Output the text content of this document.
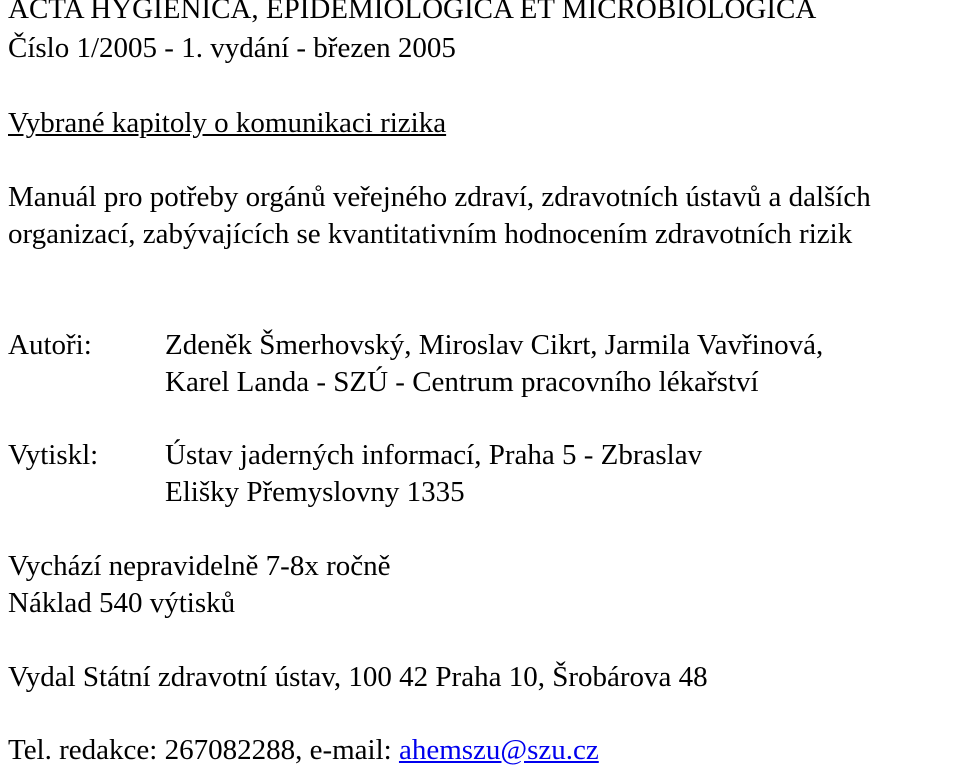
ACTA HYGIENICA, EPIDEMIOLOGICA ET MICROBIOLOGICA
Číslo 1/2005 - 1. vydání - březen 2005
Vybrané kapitoly o komunikaci rizika
Manuál pro potřeby orgánů veřejného zdraví, zdravotních ústavů a dalších
organizací, zabývajících se kvantitativním hodnocením zdravotních rizik
Autoři:	Zdeněk Šmerhovský, Miroslav Cikrt, Jarmila Vavřinová,
Karel Landa - SZÚ - Centrum pracovního lékařství
Vytiskl: Ústav jaderných informací, Praha 5 - Zbraslav
Elišky Přemyslovny 1335
Vychází nepravidelně 7-8x ročně
Náklad 540 výtisků
Vydal Státní zdravotní ústav, 100 42 Praha 10, Šrobárova 48
Tel. redakce: 267082288, e-mail: ahemszu@szu.cz
